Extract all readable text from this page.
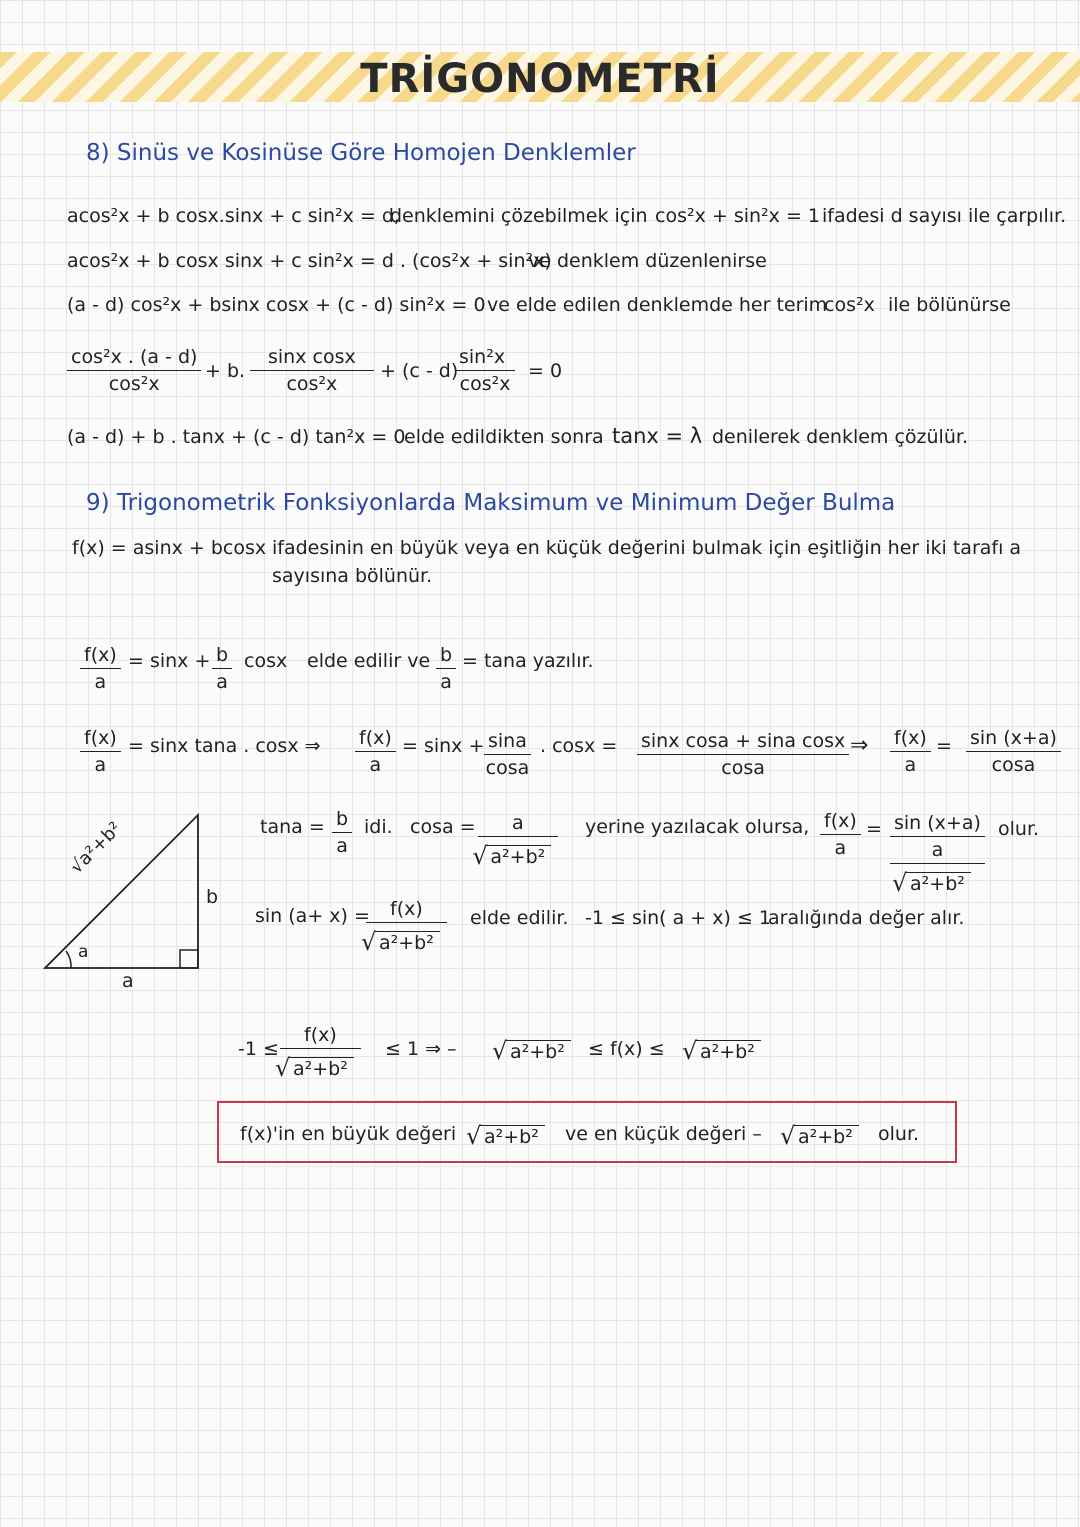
TRİGONOMETRİ
8) Sinüs ve Kosinüse Göre Homojen Denklemler
acos²x + b cosx.sinx + c sin²x = d,
denklemini çözebilmek için cos²x + sin²x = 1 ifadesi d sayısı ile çarpılır.
acos²x + b cosx sinx + c sin²x = d . (cos²x + sin²x)
ve denklem düzenlenirse
(a - d) cos²x + bsinx cosx + (c - d) sin²x = 0 ve elde edilen denklemde her terim
cos²x ile bölünürse
$\frac{\text{cos²x . (a - d)}}{\text{cos²x}} + b$. $\frac{\text{sinx cosx}}{\text{cos²x}} + (c - d)$
$\frac{\text{sin²x}}{\text{cos²x}} = 0$
(a - d) + b . tanx + (c - d) tan²x = 0
elde edildikten sonra tanx = λ denilerek denklem çözülür.
9) Trigonometrik Fonksiyonlarda Maksimum ve Minimum Değer Bulma
f(x) = asinx + bcosx ifadesinin en büyük veya en küçük değerini bulmak için eşitliğin her iki tarafı a
sayısına bölünür.
$\frac{f(x)}{a} = \sin x + \frac{b}{a}$ cosx elde edilir ve $\frac{b}{a} = \tan a$ yazılır.
$\frac{f(x)}{a} = \sin x$ tana . cosx ⇒ $\frac{f(x)}{a} = \sin x + \frac{\sin a}{\cos a}$ . $\cos x = \frac{\text{sinx cosa + sina cosx}}{\cos a}$ ⇒ $\frac{f(x)}{a} = \frac{\sin (x+a)}{\cos a}$
√a²+b²
b
a
a
$\tan a = \frac{b}{a}$ idi. cosa = a
√ a²+b² yerine yazılacak olursa, $\frac{f(x)}{a} = \sin (x+a)$
a
√ a²+b²
olur.
sin (a+ x) =
f(x)
√ a²+b² elde edilir. -1 ≤ sin( a + x) ≤ 1
aralığında değer alır.
-1 ≤ f(x)
√ a²+b² ≤ 1 ⇒ –	√ a²+b²	≤ f(x) ≤	√ a²+b²
f(x)'in en büyük değeri	√ a²+b²	ve en küçük değeri –	√ a²+b²	olur.
